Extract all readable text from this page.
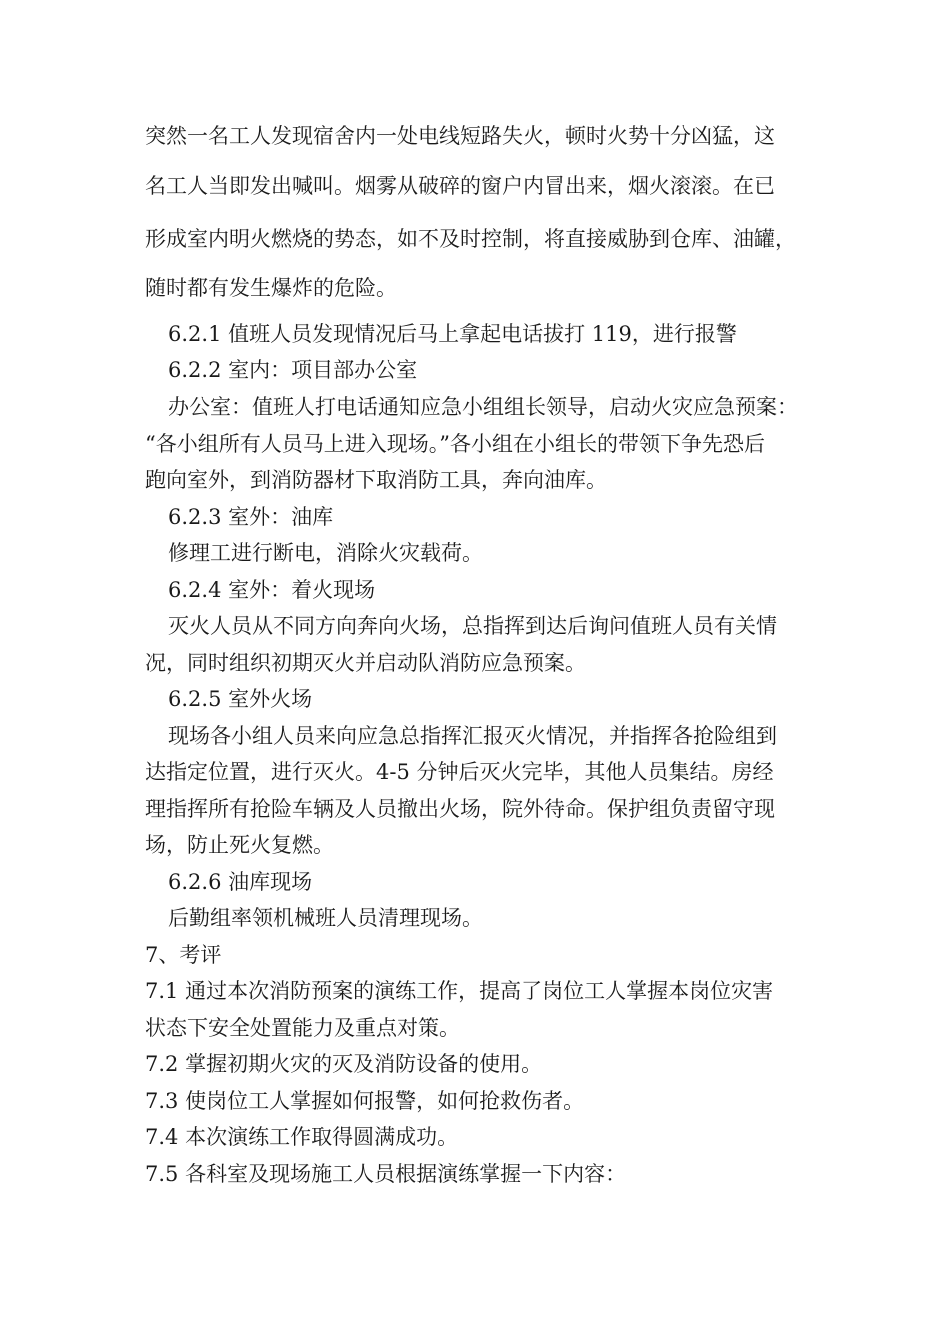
突然一名工人发现宿舍内一处电线短路失火，顿时火势十分凶猛，这
名工人当即发出喊叫。烟雾从破碎的窗户内冒出来，烟火滚滚。在已
形成室内明火燃烧的势态，如不及时控制，将直接威胁到仓库、油罐，
随时都有发生爆炸的危险。
6.2.1 值班人员发现情况后马上拿起电话拔打 119，进行报警
6.2.2 室内：项目部办公室
办公室：值班人打电话通知应急小组组长领导，启动火灾应急预案：
“各小组所有人员马上进入现场。”各小组在小组长的带领下争先恐后
跑向室外，到消防器材下取消防工具，奔向油库。
6.2.3 室外：油库
修理工进行断电，消除火灾载荷。
6.2.4 室外：着火现场
灭火人员从不同方向奔向火场，总指挥到达后询问值班人员有关情
况，同时组织初期灭火并启动队消防应急预案。
6.2.5 室外火场
现场各小组人员来向应急总指挥汇报灭火情况，并指挥各抢险组到
达指定位置，进行灭火。4-5 分钟后灭火完毕，其他人员集结。房经
理指挥所有抢险车辆及人员撤出火场，院外待命。保护组负责留守现
场，防止死火复燃。
6.2.6 油库现场
后勤组率领机械班人员清理现场。
7、考评
7.1 通过本次消防预案的演练工作，提高了岗位工人掌握本岗位灾害
状态下安全处置能力及重点对策。
7.2 掌握初期火灾的灭及消防设备的使用。
7.3 使岗位工人掌握如何报警，如何抢救伤者。
7.4 本次演练工作取得圆满成功。
7.5 各科室及现场施工人员根据演练掌握一下内容：
